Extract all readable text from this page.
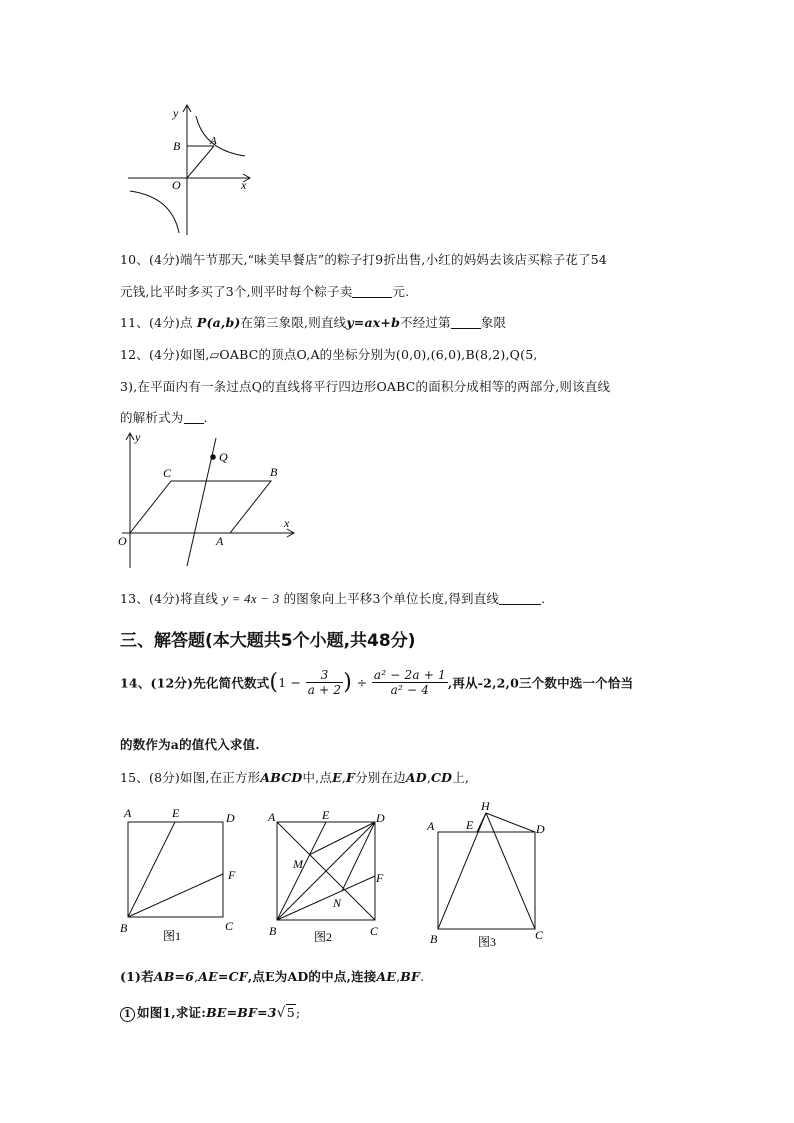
y
x
B	A
O
10、(4分)端午节那天,“味美早餐店”的粽子打9折出售,小红的妈妈去该店买粽子花了54
元钱,比平时多买了3个,则平时每个粽子卖	元.
11、(4分)点 P(a,b)在第三象限,则直线y=ax+b不经过第 象限
12、(4分)如图,▱OABC的顶点O,A的坐标分别为(0,0),(6,0),B(8,2),Q(5,
3),在平面内有一条过点Q的直线将平行四边形OABC的面积分成相等的两部分,则该直线
的解析式为 .
y
x
Q
C	B
O	A
13、(4分)将直线 y = 4x − 3 的图象向上平移3个单位长度,得到直线	.
三、解答题(本大题共5个小题,共48分)
14、(12分)先化简代数式($1 - \frac{3}{a + 2}$ ) ÷ $\frac{\text{a² − 2a + 1}}{\text{a² − 4}}$ ,再从-2,2,0三个数中选一个恰当
的数作为a的值代入求值.
15、(8分)如图,在正方形ABCD中,点E,F分别在边AD,CD上,
A	E	D
F
B	C
图1
A	E	D
M
F
N
B	C
图2
H
A	E	D
B	C
图3
(1)若AB=6,AE=CF,点E为AD的中点,连接AE,BF.
1 如图1,求证:BE=BF=3√5;
